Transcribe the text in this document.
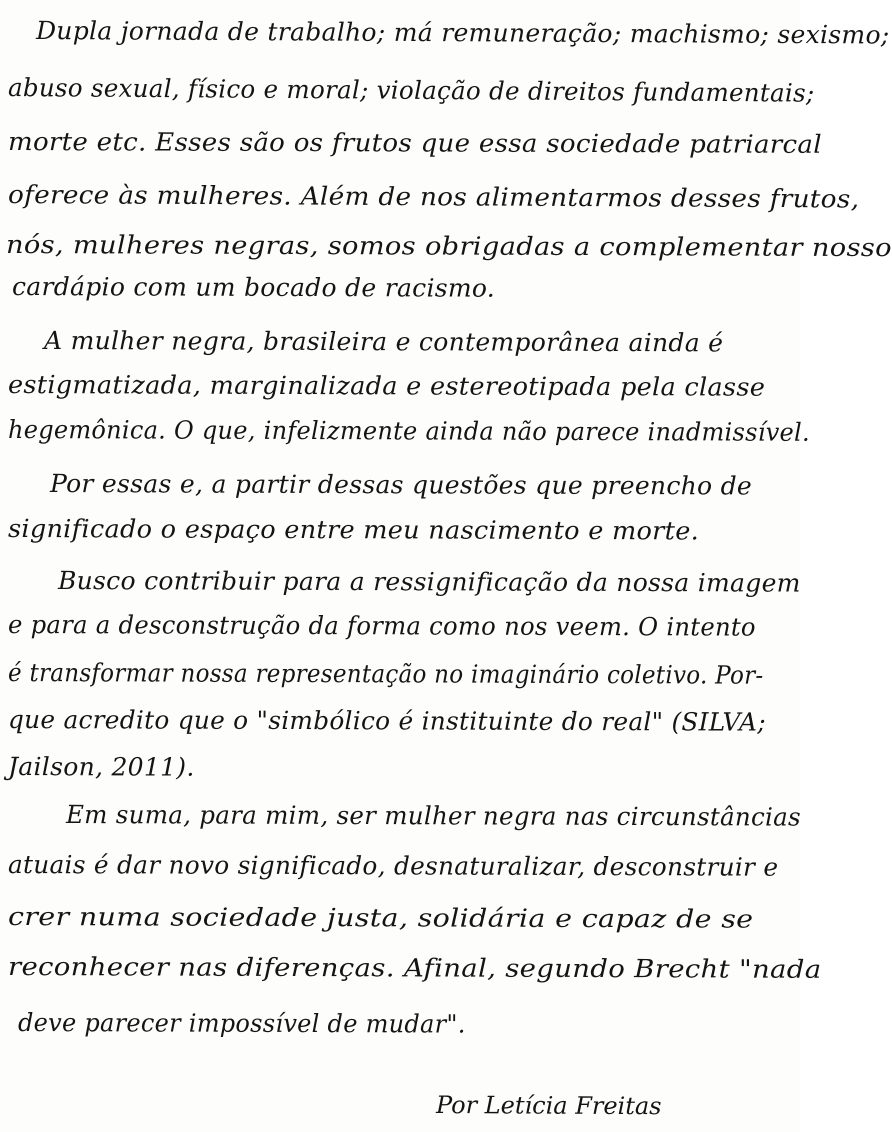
Dupla jornada de trabalho; má remuneração; machismo; sexismo;
abuso sexual, físico e moral; violação de direitos fundamentais;
morte etc. Esses são os frutos que essa sociedade patriarcal
oferece às mulheres. Além de nos alimentarmos desses frutos,
nós, mulheres negras, somos obrigadas a complementar nosso
cardápio com um bocado de racismo.
A mulher negra, brasileira e contemporânea ainda é
estigmatizada, marginalizada e estereotipada pela classe
hegemônica. O que, infelizmente ainda não parece inadmissível.
Por essas e, a partir dessas questões que preencho de
significado o espaço entre meu nascimento e morte.
Busco contribuir para a ressignificação da nossa imagem
e para a desconstrução da forma como nos veem. O intento
é transformar nossa representação no imaginário coletivo. Por-
que acredito que o "simbólico é instituinte do real" (SILVA;
Jailson, 2011).
Em suma, para mim, ser mulher negra nas circunstâncias
atuais é dar novo significado, desnaturalizar, desconstruir e
crer numa sociedade justa, solidária e capaz de se
reconhecer nas diferenças. Afinal, segundo Brecht "nada
deve parecer impossível de mudar".
Por Letícia Freitas
